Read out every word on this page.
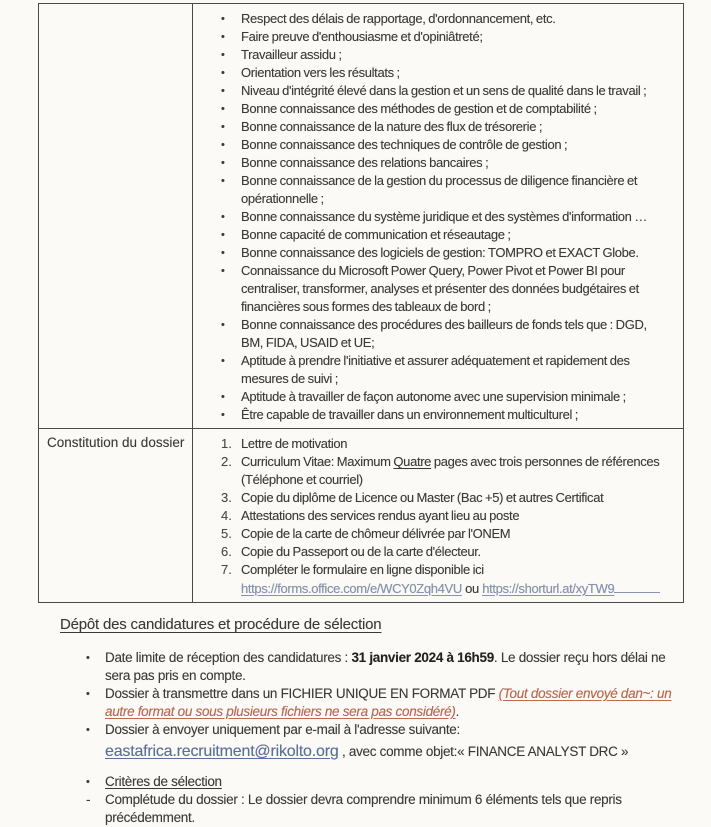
•	Respect des délais de rapportage, d'ordonnancement, etc.
•	Faire preuve d'enthousiasme et d'opiniâtreté;
•	Travailleur assidu ;
•	Orientation vers les résultats ;
•	Niveau d'intégrité élevé dans la gestion et un sens de qualité dans le travail ;
•	Bonne connaissance des méthodes de gestion et de comptabilité ;
•	Bonne connaissance de la nature des flux de trésorerie ;
•	Bonne connaissance des techniques de contrôle de gestion ;
•	Bonne connaissance des relations bancaires ;
•	Bonne connaissance de la gestion du processus de diligence financière et opérationnelle ;
•	Bonne connaissance du système juridique et des systèmes d'information …
•	Bonne capacité de communication et réseautage ;
•	Bonne connaissance des logiciels de gestion: TOMPRO et EXACT Globe.
•	Connaissance du Microsoft Power Query, Power Pivot et Power BI pour centraliser, transformer, analyses et présenter des données budgétaires et financières sous formes des tableaux de bord ;
•	Bonne connaissance des procédures des bailleurs de fonds tels que : DGD, BM, FIDA, USAID et UE;
•	Aptitude à prendre l'initiative et assurer adéquatement et rapidement des mesures de suivi ;
•	Aptitude à travailler de façon autonome avec une supervision minimale ;
•	Être capable de travailler dans un environnement multiculturel ;
Constitution du dossier	1. Lettre de motivation
2. Curriculum Vitae: Maximum Quatre pages avec trois personnes de références (Téléphone et courriel)
3. Copie du diplôme de Licence ou Master (Bac +5) et autres Certificat
4. Attestations des services rendus ayant lieu au poste
5. Copie de la carte de chômeur délivrée par l'ONEM
6. Copie du Passeport ou de la carte d'électeur.
7. Compléter le formulaire en ligne disponible ici
https://forms.office.com/e/WCY0Zqh4VU ou https://shorturl.at/xyTW9
Dépôt des candidatures et procédure de sélection
• Date limite de réception des candidatures : 31 janvier 2024 à 16h59. Le dossier reçu hors délai ne sera pas pris en compte.
• Dossier à transmettre dans un FICHIER UNIQUE EN FORMAT PDF (Tout dossier envoyé dan~: un autre format ou sous plusieurs fichiers ne sera pas considéré).
• Dossier à envoyer uniquement par e-mail à l'adresse suivante:
eastafrica.recruitment@rikolto.org , avec comme objet:« FINANCE ANALYST DRC »
• Critères de sélection
- Complétude du dossier : Le dossier devra comprendre minimum 6 éléments tels que repris précédemment.
